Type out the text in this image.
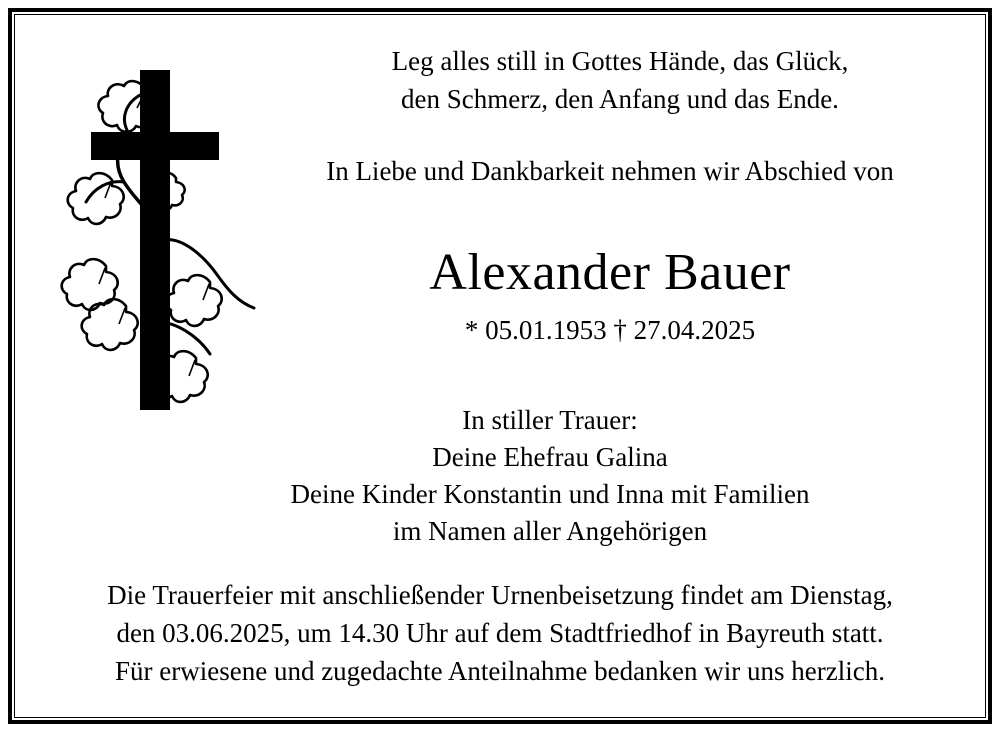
Leg alles still in Gottes Hände, das Glück,
den Schmerz, den Anfang und das Ende.
In Liebe und Dankbarkeit nehmen wir Abschied von
Alexander Bauer
* 05.01.1953 † 27.04.2025
In stiller Trauer:
Deine Ehefrau Galina
Deine Kinder Konstantin und Inna mit Familien
im Namen aller Angehörigen
Die Trauerfeier mit anschließender Urnenbeisetzung findet am Dienstag,
den 03.06.2025, um 14.30 Uhr auf dem Stadtfriedhof in Bayreuth statt.
Für erwiesene und zugedachte Anteilnahme bedanken wir uns herzlich.
